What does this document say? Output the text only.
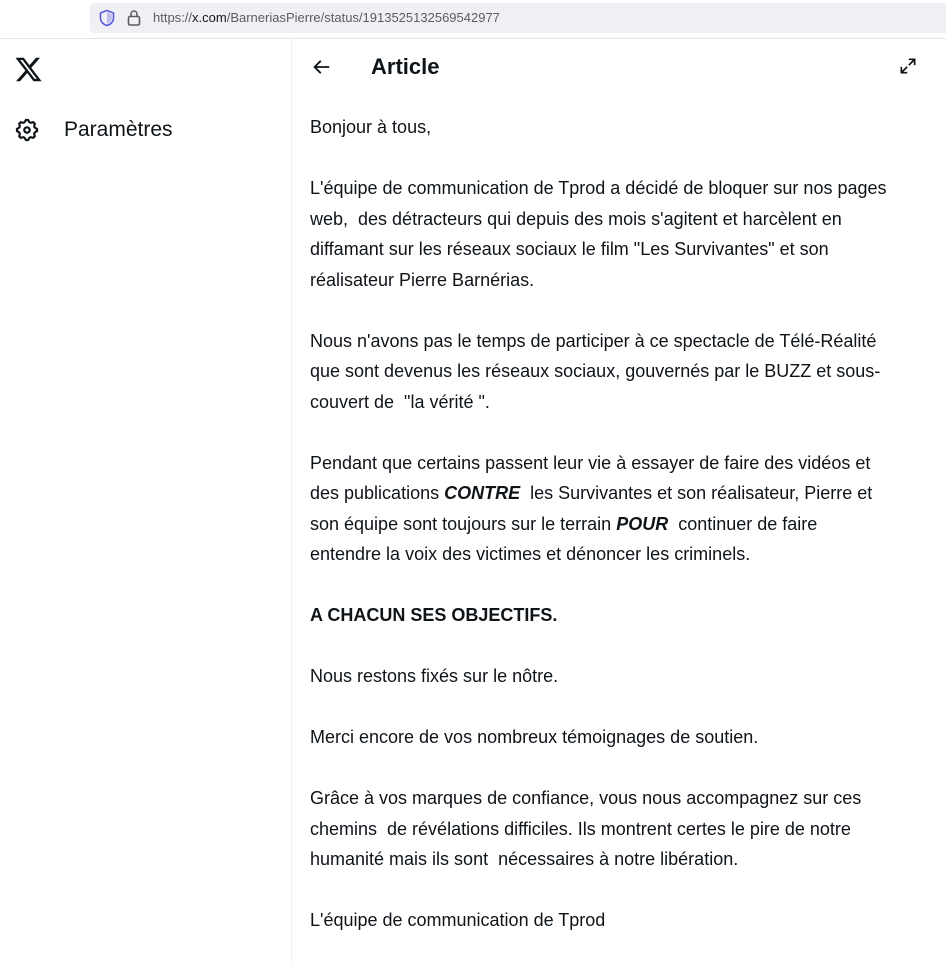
https://x.com/BarneriasPierre/status/1913525132569542977
Paramètres
Article

Bonjour à tous,

L'équipe de communication de Tprod a décidé de bloquer sur nos pages
web,  des détracteurs qui depuis des mois s'agitent et harcèlent en
diffamant sur les réseaux sociaux le film "Les Survivantes" et son
réalisateur Pierre Barnérias.

Nous n'avons pas le temps de participer à ce spectacle de Télé-Réalité
que sont devenus les réseaux sociaux, gouvernés par le BUZZ et sous-
couvert de  "la vérité ".

Pendant que certains passent leur vie à essayer de faire des vidéos et
des publications CONTRE  les Survivantes et son réalisateur, Pierre et
son équipe sont toujours sur le terrain POUR  continuer de faire
entendre la voix des victimes et dénoncer les criminels.

A CHACUN SES OBJECTIFS.

Nous restons fixés sur le nôtre.

Merci encore de vos nombreux témoignages de soutien.

Grâce à vos marques de confiance, vous nous accompagnez sur ces
chemins  de révélations difficiles. Ils montrent certes le pire de notre
humanité mais ils sont  nécessaires à notre libération.

L'équipe de communication de Tprod
